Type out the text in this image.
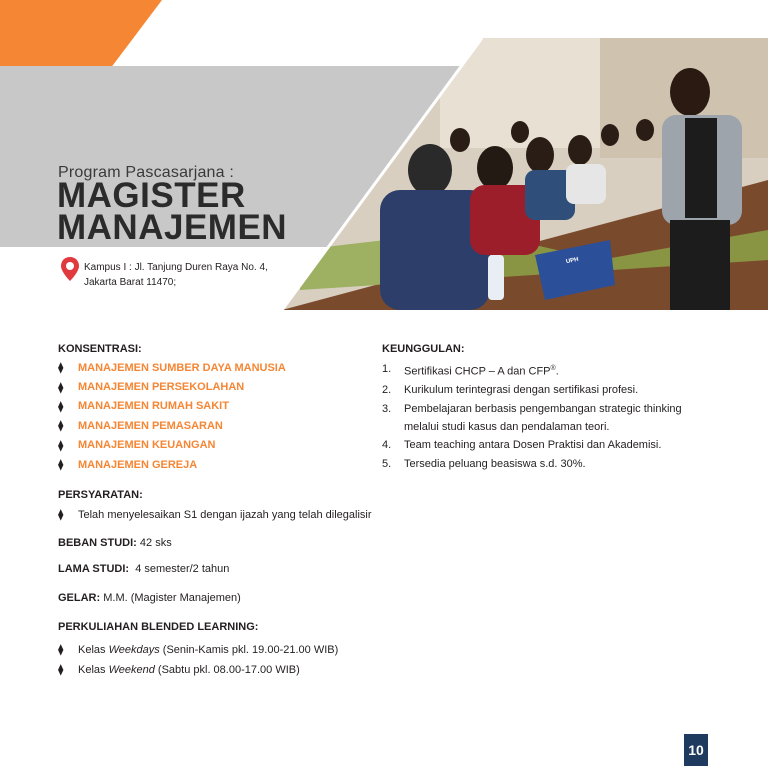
UPH
Program Pascasarjana :
MAGISTER
MANAJEMEN
Kampus I : Jl. Tanjung Duren Raya No. 4,
Jakarta Barat 11470;
KONSENTRASI:
⧫	MANAJEMEN SUMBER DAYA MANUSIA
⧫	MANAJEMEN PERSEKOLAHAN
⧫	MANAJEMEN RUMAH SAKIT
⧫	MANAJEMEN PEMASARAN
⧫	MANAJEMEN KEUANGAN
⧫	MANAJEMEN GEREJA
KEUNGGULAN:
1.	Sertifikasi CHCP – A dan CFP®.
2.	Kurikulum terintegrasi dengan sertifikasi profesi.
3.	Pembelajaran berbasis pengembangan strategic thinking melalui studi kasus dan pendalaman teori.
4.	Team teaching antara Dosen Praktisi dan Akademisi.
5.	Tersedia peluang beasiswa s.d. 30%.
PERSYARATAN:
⧫	Telah menyelesaikan S1 dengan ijazah yang telah dilegalisir
BEBAN STUDI: 42 sks
LAMA STUDI:  4 semester/2 tahun
GELAR: M.M. (Magister Manajemen)
PERKULIAHAN BLENDED LEARNING:
⧫	Kelas Weekdays (Senin-Kamis pkl. 19.00-21.00 WIB)
⧫	Kelas Weekend (Sabtu pkl. 08.00-17.00 WIB)
10
